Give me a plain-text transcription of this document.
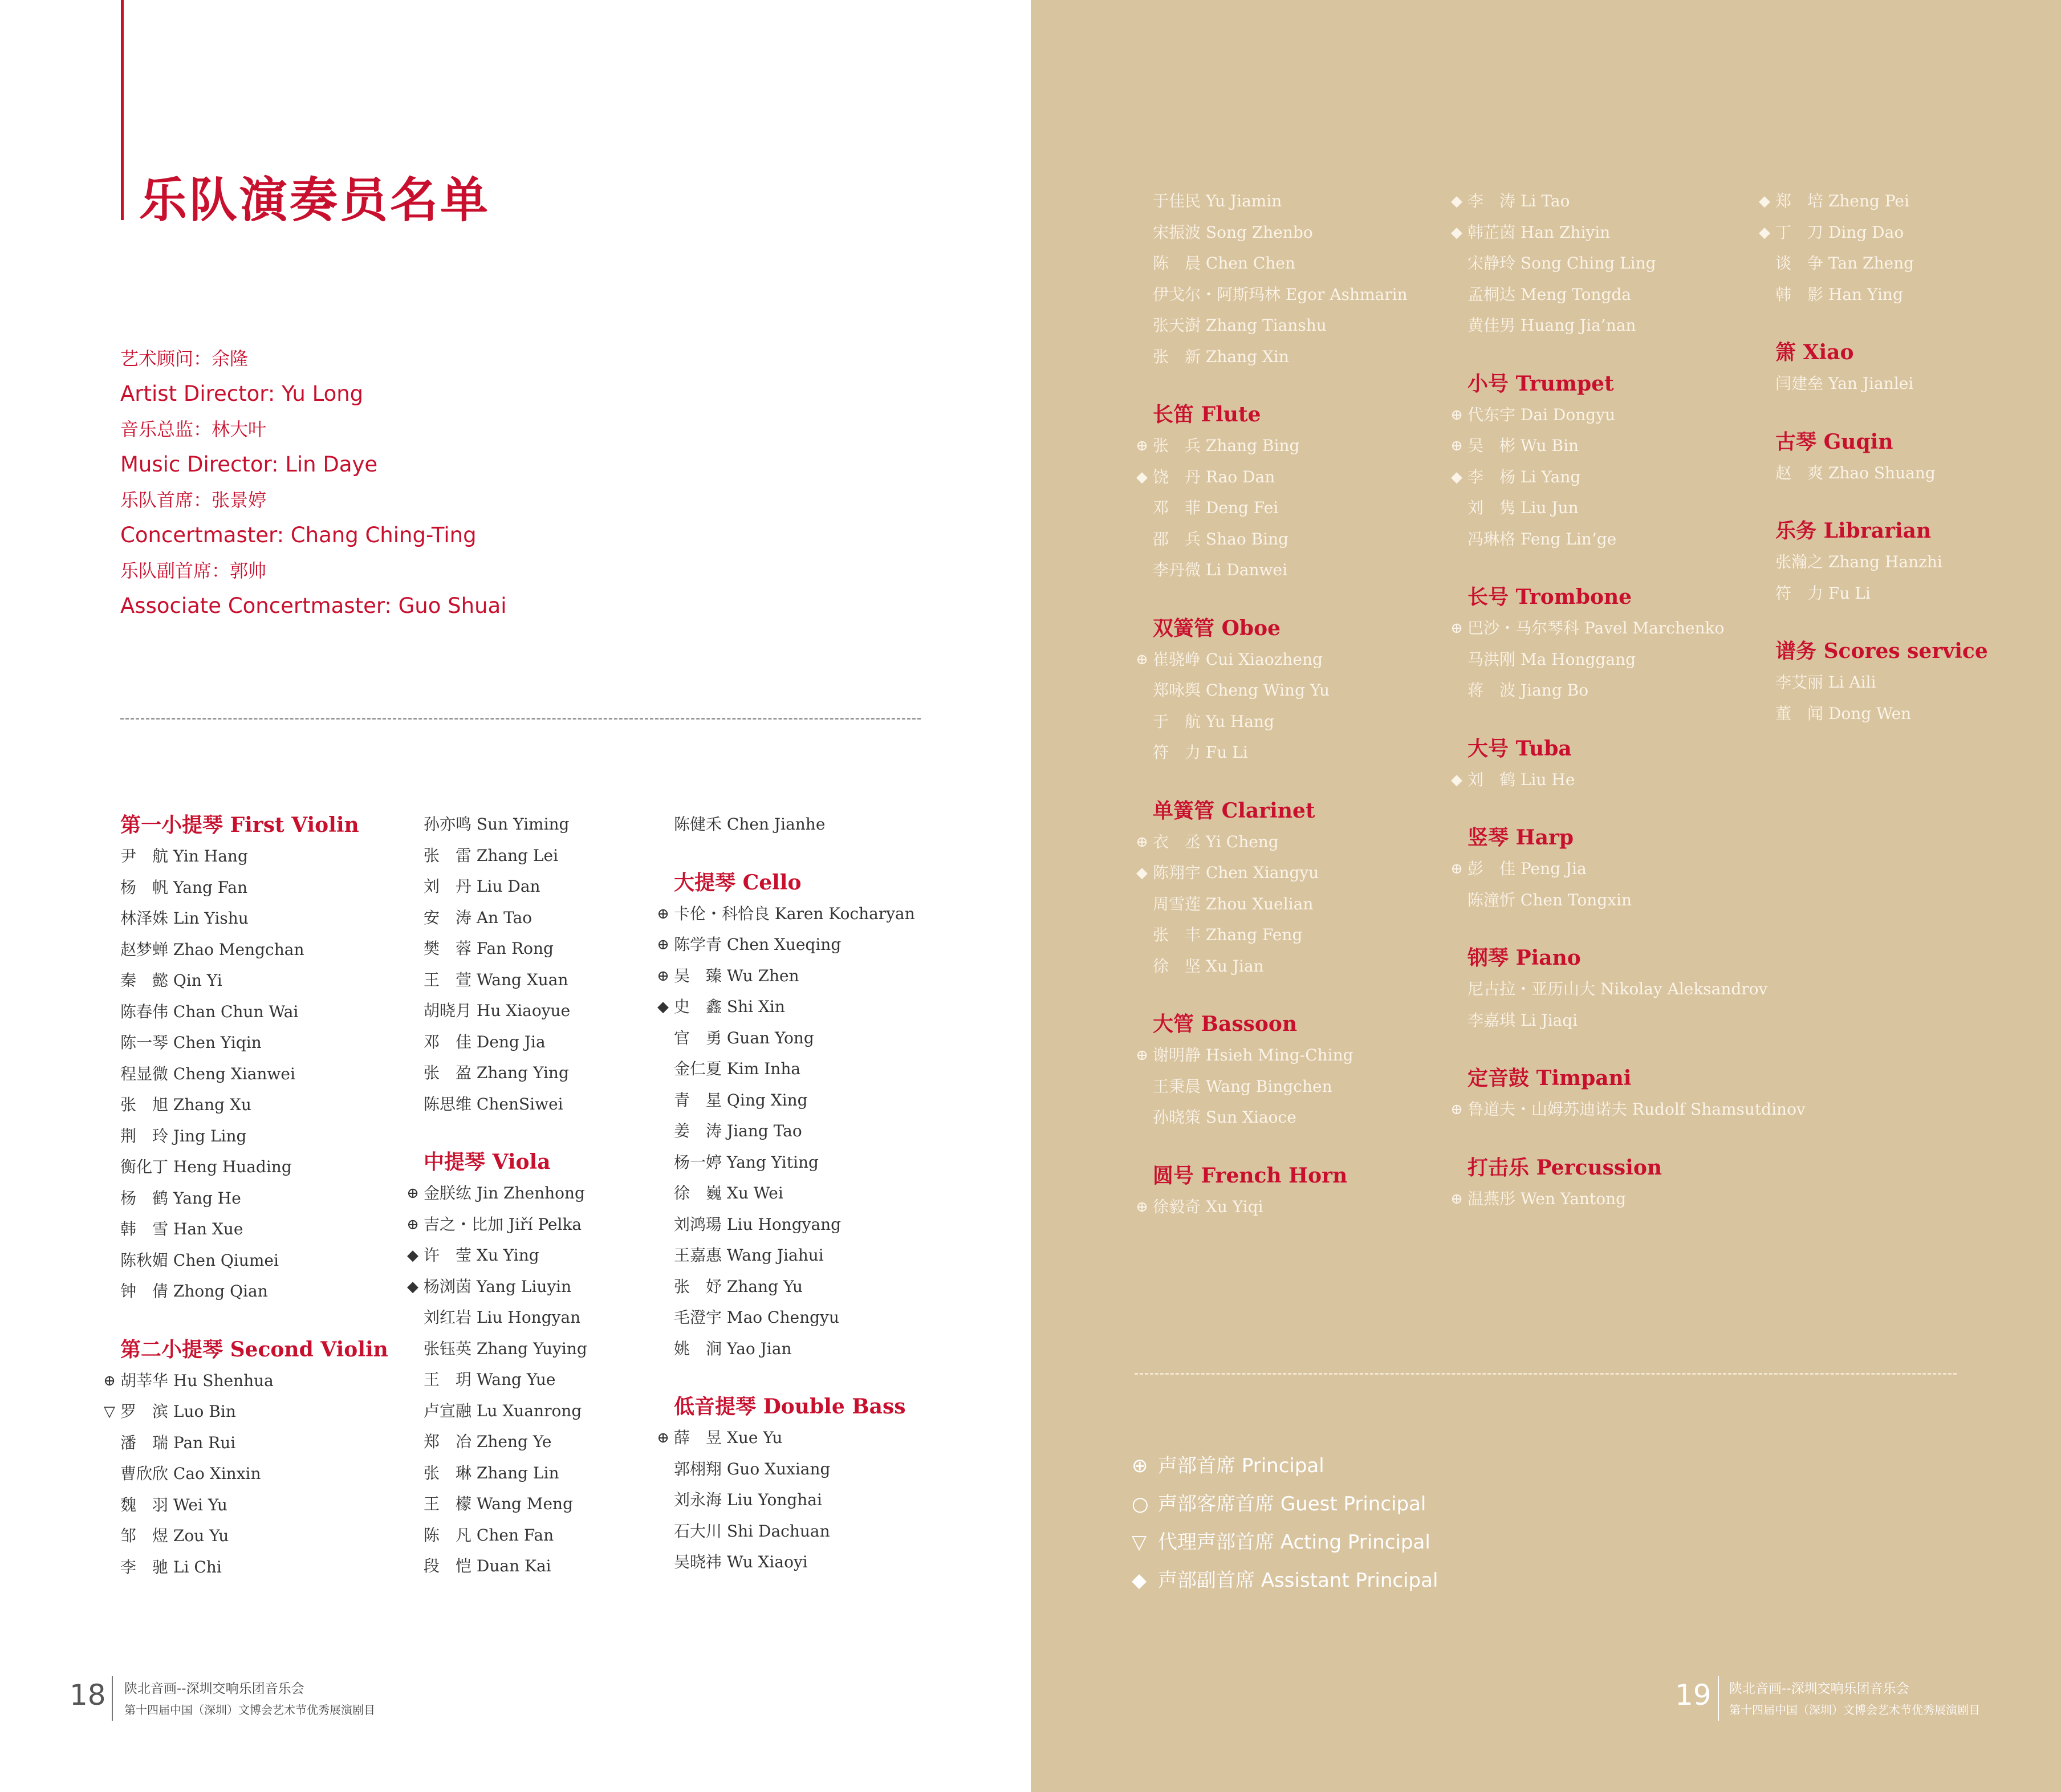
乐队演奏员名单
艺术顾问：余隆
Artist Director: Yu Long
音乐总监：林大叶
Music Director: Lin Daye
乐队首席：张景婷
Concertmaster: Chang Ching-Ting
乐队副首席：郭帅
Associate Concertmaster: Guo Shuai
第一小提琴 First Violin
尹　航 Yin Hang
杨　帆 Yang Fan
林泽姝 Lin Yishu
赵梦蝉 Zhao Mengchan
秦　懿 Qin Yi
陈春伟 Chan Chun Wai
陈一琴 Chen Yiqin
程显微 Cheng Xianwei
张　旭 Zhang Xu
荆　玲 Jing Ling
衡化丁 Heng Huading
杨　鹤 Yang He
韩　雪 Han Xue
陈秋媚 Chen Qiumei
钟　倩 Zhong Qian
第二小提琴 Second Violin
⊕ 胡莘华 Hu Shenhua
▽ 罗　滨 Luo Bin
潘　瑞 Pan Rui
曹欣欣 Cao Xinxin
魏　羽 Wei Yu
邹　煜 Zou Yu
李　驰 Li Chi
孙亦鸣 Sun Yiming
张　雷 Zhang Lei
刘　丹 Liu Dan
安　涛 An Tao
樊　蓉 Fan Rong
王　萱 Wang Xuan
胡晓月 Hu Xiaoyue
邓　佳 Deng Jia
张　盈 Zhang Ying
陈思维 ChenSiwei
中提琴 Viola
⊕ 金朕纮 Jin Zhenhong
⊕ 吉之・比加 Jiří Pelka
◆ 许　莹 Xu Ying
◆ 杨浏茵 Yang Liuyin
刘红岩 Liu Hongyan
张钰英 Zhang Yuying
王　玥 Wang Yue
卢宣融 Lu Xuanrong
郑　冶 Zheng Ye
张　琳 Zhang Lin
王　檬 Wang Meng
陈　凡 Chen Fan
段　恺 Duan Kai
陈健禾 Chen Jianhe
大提琴 Cello
⊕ 卡伦・科恰良 Karen Kocharyan
⊕ 陈学青 Chen Xueqing
⊕ 吴　臻 Wu Zhen
◆ 史　鑫 Shi Xin
官　勇 Guan Yong
金仁夏 Kim Inha
青　星 Qing Xing
姜　涛 Jiang Tao
杨一婷 Yang Yiting
徐　巍 Xu Wei
刘鸿瑒 Liu Hongyang
王嘉惠 Wang Jiahui
张　妤 Zhang Yu
毛澄宇 Mao Chengyu
姚　涧 Yao Jian
低音提琴 Double Bass
⊕ 薛　昱 Xue Yu
郭栩翔 Guo Xuxiang
刘永海 Liu Yonghai
石大川 Shi Dachuan
吴晓祎 Wu Xiaoyi
18 陕北音画--深圳交响乐团音乐会
第十四届中国（深圳）文博会艺术节优秀展演剧目
于佳民 Yu Jiamin
宋振波 Song Zhenbo
陈　晨 Chen Chen
伊戈尔・阿斯玛林 Egor Ashmarin
张天澍 Zhang Tianshu
张　新 Zhang Xin
长笛 Flute
⊕ 张　兵 Zhang Bing
◆ 饶　丹 Rao Dan
邓　菲 Deng Fei
邵　兵 Shao Bing
李丹微 Li Danwei
双簧管 Oboe
⊕ 崔骁峥 Cui Xiaozheng
郑咏舆 Cheng Wing Yu
于　航 Yu Hang
符　力 Fu Li
单簧管 Clarinet
⊕ 衣　丞 Yi Cheng
◆ 陈翔宇 Chen Xiangyu
周雪莲 Zhou Xuelian
张　丰 Zhang Feng
徐　坚 Xu Jian
大管 Bassoon
⊕ 谢明静 Hsieh Ming-Ching
王秉晨 Wang Bingchen
孙晓策 Sun Xiaoce
圆号 French Horn
⊕ 徐毅奇 Xu Yiqi
◆ 李　涛 Li Tao
◆ 韩芷茵 Han Zhiyin
宋静玲 Song Ching Ling
孟桐达 Meng Tongda
黄佳男 Huang Jia’nan
小号 Trumpet
⊕ 代东宇 Dai Dongyu
⊕ 吴　彬 Wu Bin
◆ 李　杨 Li Yang
刘　隽 Liu Jun
冯琳格 Feng Lin’ge
长号 Trombone
⊕ 巴沙・马尔琴科 Pavel Marchenko
马洪刚 Ma Honggang
蒋　波 Jiang Bo
大号 Tuba
◆ 刘　鹤 Liu He
竖琴 Harp
⊕ 彭　佳 Peng Jia
陈潼忻 Chen Tongxin
钢琴 Piano
尼古拉・亚历山大 Nikolay Aleksandrov
李嘉琪 Li Jiaqi
定音鼓 Timpani
⊕ 鲁道夫・山姆苏迪诺夫 Rudolf Shamsutdinov
打击乐 Percussion
⊕ 温燕彤 Wen Yantong
◆ 郑　培 Zheng Pei
◆ 丁　刀 Ding Dao
谈　争 Tan Zheng
韩　影 Han Ying
箫 Xiao
闫建垒 Yan Jianlei
古琴 Guqin
赵　爽 Zhao Shuang
乐务 Librarian
张瀚之 Zhang Hanzhi
符　力 Fu Li
谱务 Scores service
李艾丽 Li Aili
董　闻 Dong Wen
19 陕北音画--深圳交响乐团音乐会
第十四届中国（深圳）文博会艺术节优秀展演剧目
⊕ 声部首席 Principal
○ 声部客席首席 Guest Principal
▽ 代理声部首席 Acting Principal
◆ 声部副首席 Assistant Principal
